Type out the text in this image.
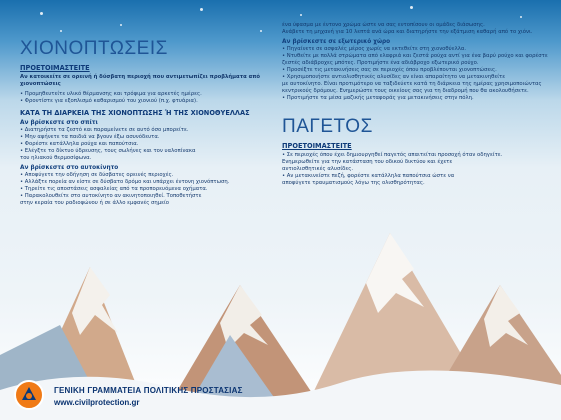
ΧΙΟΝΟΠΤΩΣΕΙΣ
ΠΡΟΕΤΟΙΜΑΣΤΕΙΤΕ

Αν κατοικείτε σε ορεινή ή δύσβατη περιοχή που αντιμετωπίζει προβλήματα από χιονοπτώσεις

• Προμηθευτείτε υλικό θέρμανσης και τρόφιμα για αρκετές ημέρες.

• Φροντίστε για εξοπλισμό καθαρισμού του χιονιού (π.χ. φτυάρια).

ΚΑΤΑ ΤΗ ΔΙΑΡΚΕΙΑ ΤΗΣ ΧΙΟΝΟΠΤΩΣΗΣ Ή ΤΗΣ ΧΙΟΝΟΘΥΕΛΛΑΣ
Αν βρίσκεστε στο σπίτι

• Διατηρήστε τα ζεστό και παραμείνετε σε αυτό όσο μπορείτε.

• Μην αφήνετε τα παιδιά να βγουν έξω ασυνόδευτα.

• Φορέστε κατάλληλα ρούχα και παπούτσια.

• Ελέγξτε το δίκτυο ύδρευσης, τους σωλήνες και τον υαλοπίνακα

του ηλιακού θερμοσίφωνα.

Αν βρίσκεστε στο αυτοκίνητο

• Αποφύγετε την οδήγηση σε δύσβατες ορεινές περιοχές.

• Αλλάξτε πορεία αν είστε σε δύσβατο δρόμο και υπάρχει έντονη χιονόπτωση.

• Τηρείτε τις αποστάσεις ασφαλείας από τα προπορευόμενα οχήματα.

• Παρακολουθείτε στο αυτοκίνητο αν ακινητοποιηθεί. Τοποθετήστε

στην κεραία του ραδιοφώνου ή σε άλλο εμφανές σημείο

ένα ύφασμα με έντονο χρώμα ώστε να σας εντοπίσουν οι ομάδες διάσωσης.

Ανάβετε τη μηχανή για 10 λεπτά ανά ώρα και διατηρήστε την εξάτμιση καθαρή από το χιόνι.

Αν βρίσκεστε σε εξωτερικό χώρο

• Πηγαίνετε σε ασφαλές μέρος χωρίς να εκτεθείτε στη χιονοθύελλα.

• Ντυθείτε με πολλά στρώματα από ελαφριά και ζεστά ρούχα αντί για ένα βαρύ ρούχο και φορέστε

ζεστές αδιάβροχες μπότες. Προτιμήστε ένα αδιάβροχο εξωτερικό ρούχο.

• Προσέξτε τις μετακινήσεις σας σε περιοχές όπου προβλέπονται χιονοπτώσεις.

• Χρησιμοποιήστε αντιολισθητικές αλυσίδες αν είναι απαραίτητο να μετακινηθείτε

με αυτοκίνητο. Είναι προτιμότερο να ταξιδεύετε κατά τη διάρκεια της ημέρας χρησιμοποιώντας

κεντρικούς δρόμους. Ενημερώστε τους οικείους σας για τη διαδρομή που θα ακολουθήσετε.

• Προτιμήστε τα μέσα μαζικής μεταφοράς για μετακινήσεις στην πόλη.

ΠΑΓΕΤΟΣ
ΠΡΟΕΤΟΙΜΑΣΤΕΙΤΕ

• Σε περιοχές όπου έχει δημιουργηθεί παγετός απαιτείται προσοχή όταν οδηγείτε.

Ενημερωθείτε για την κατάσταση του οδικού δικτύου και έχετε

αντιολισθητικές αλυσίδες.

• Αν μετακινείστε πεζή, φορέστε κατάλληλα παπούτσια ώστε να

αποφύγετε τραυματισμούς λόγω της ολισθηρότητας.

ΓΕΝΙΚΗ ΓΡΑΜΜΑΤΕΙΑ ΠΟΛΙΤΙΚΗΣ ΠΡΟΣΤΑΣΙΑΣ
www.civilprotection.gr
